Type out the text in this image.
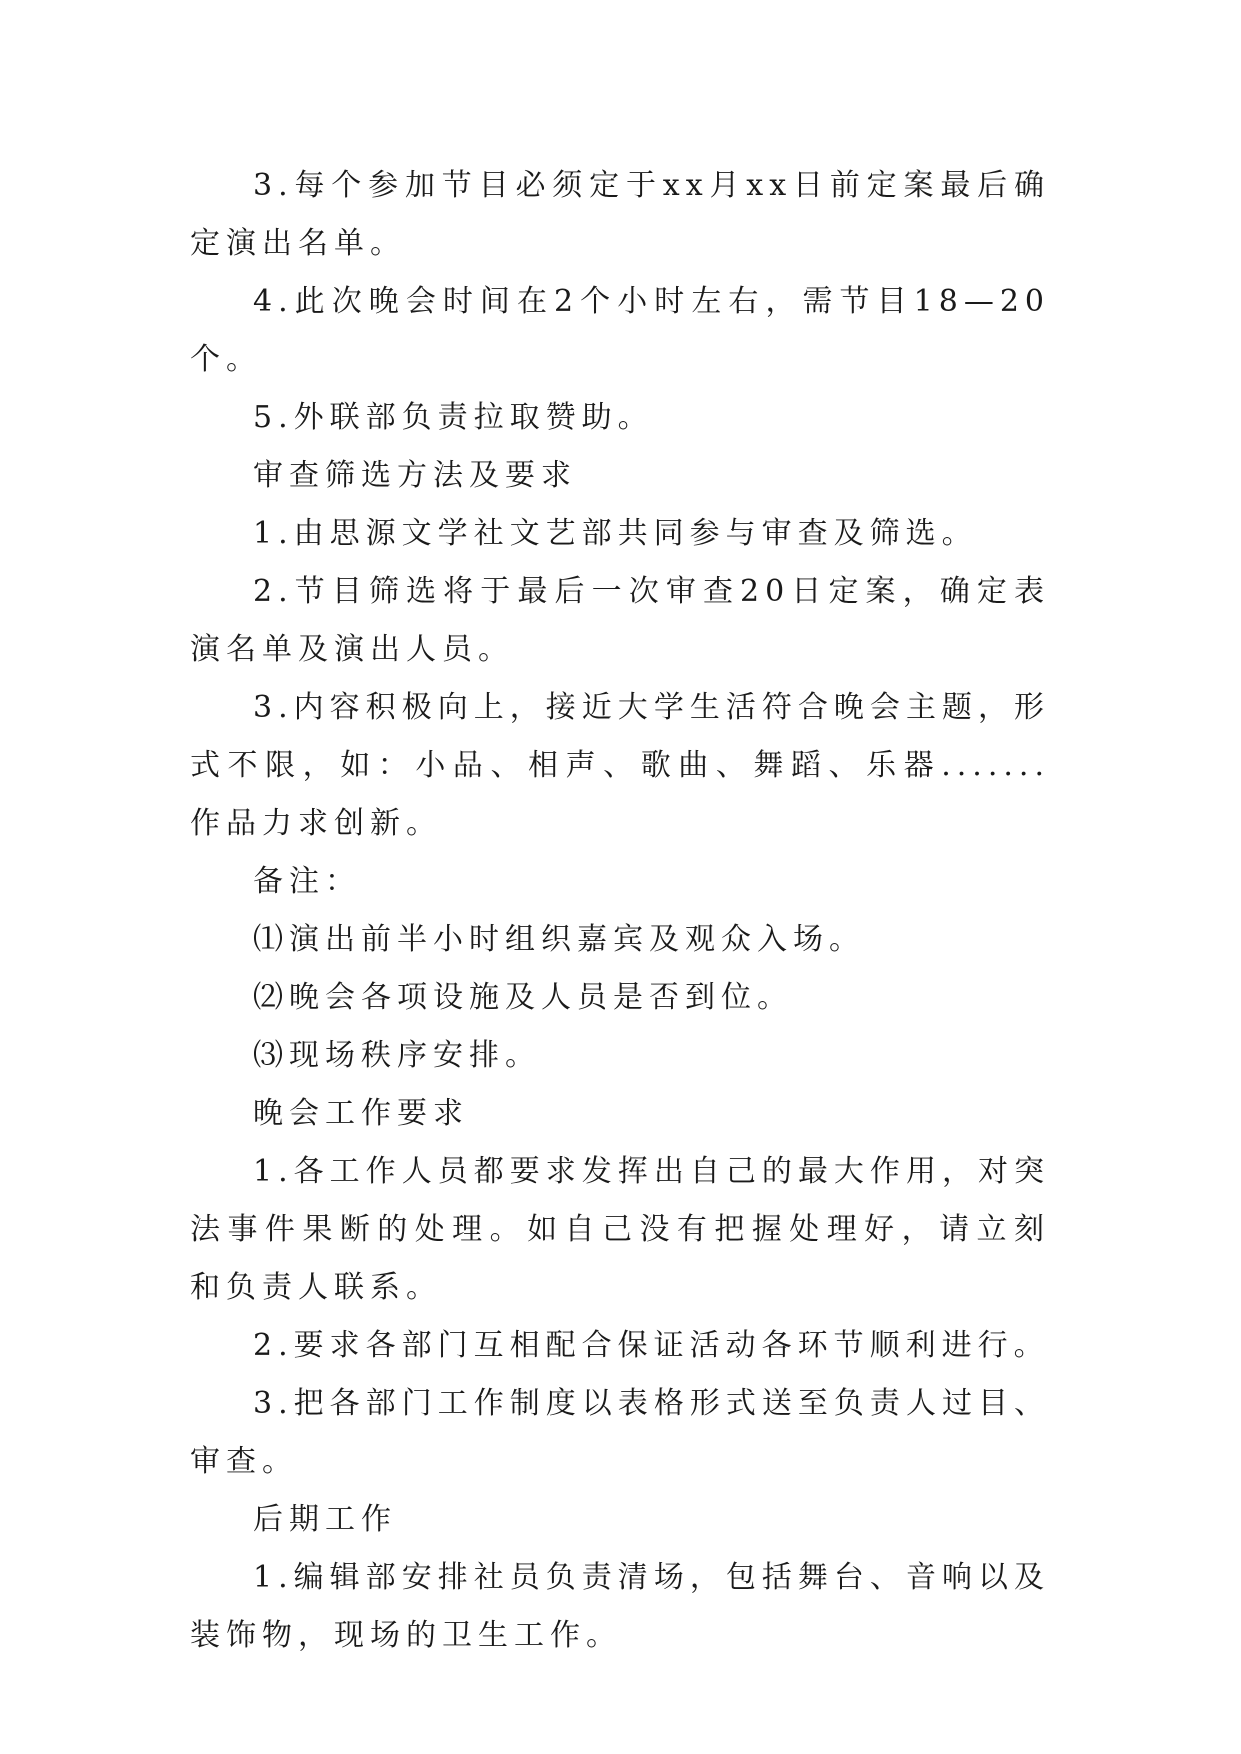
3.每个参加节目必须定于xx月xx日前定案最后确定演出名单。

4.此次晚会时间在2个小时左右，需节目18—20个。

5.外联部负责拉取赞助。

审查筛选方法及要求

1.由思源文学社文艺部共同参与审查及筛选。

2.节目筛选将于最后一次审查20日定案，确定表演名单及演出人员。

3.内容积极向上，接近大学生活符合晚会主题，形式不限，如：小品、相声、歌曲、舞蹈、乐器.......作品力求创新。

备注：

⑴演出前半小时组织嘉宾及观众入场。

⑵晚会各项设施及人员是否到位。

⑶现场秩序安排。

晚会工作要求

1.各工作人员都要求发挥出自己的最大作用，对突法事件果断的处理。如自己没有把握处理好，请立刻和负责人联系。

2.要求各部门互相配合保证活动各环节顺利进行。

3.把各部门工作制度以表格形式送至负责人过目、审查。

后期工作

1.编辑部安排社员负责清场，包括舞台、音响以及装饰物，现场的卫生工作。
